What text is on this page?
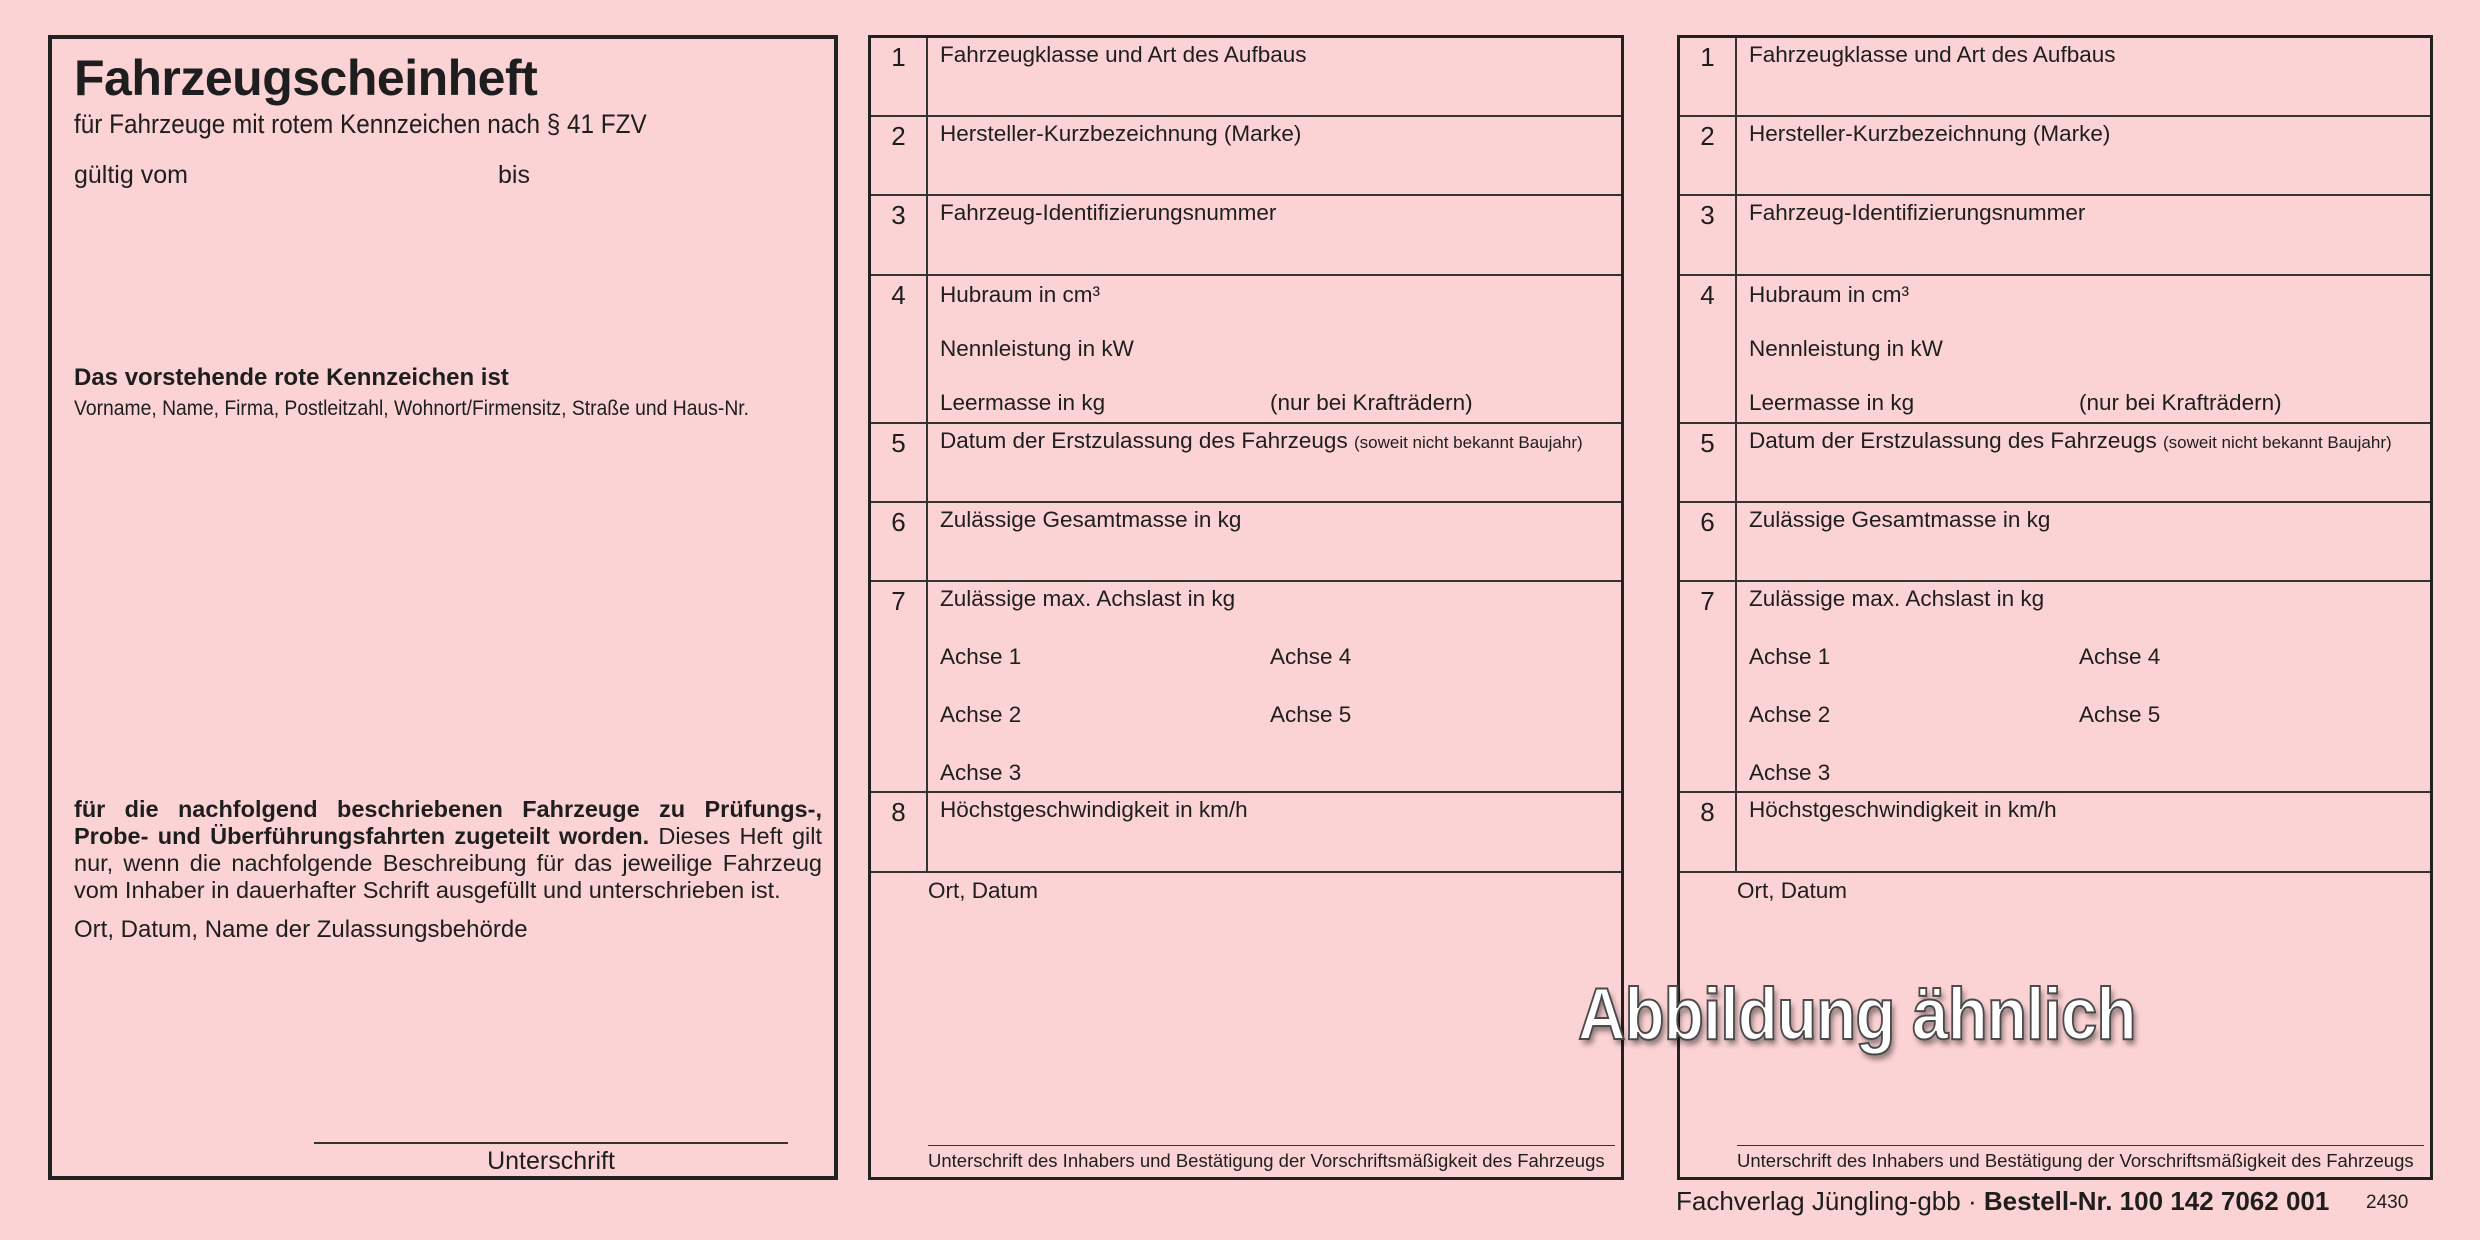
Fahrzeugscheinheft
für Fahrzeuge mit rotem Kennzeichen nach § 41 FZV
gültig vom	bis
Das vorstehende rote Kennzeichen ist
Vorname, Name, Firma, Postleitzahl, Wohnort/Firmensitz, Straße und Haus-Nr.
für die nachfolgend beschriebenen Fahrzeuge zu Prüfungs-, Probe- und Überführungsfahrten zugeteilt worden. Dieses Heft gilt nur, wenn die nachfolgende Beschreibung für das jeweilige Fahrzeug vom Inhaber in dauerhafter Schrift ausgefüllt und unterschrieben ist.
Ort, Datum, Name der Zulassungsbehörde
Unterschrift
1	Fahrzeugklasse und Art des Aufbaus
2	Hersteller-Kurzbezeichnung (Marke)
3	Fahrzeug-Identifizierungsnummer
4	Hubraum in cm³
Nennleistung in kW
Leermasse in kg	(nur bei Krafträdern)
5	Datum der Erstzulassung des Fahrzeugs (soweit nicht bekannt Baujahr)
6	Zulässige Gesamtmasse in kg
7	Zulässige max. Achslast in kg
Achse 1	Achse 4
Achse 2	Achse 5
Achse 3
8	Höchstgeschwindigkeit in km/h
Ort, Datum
Unterschrift des Inhabers und Bestätigung der Vorschriftsmäßigkeit des Fahrzeugs
1	Fahrzeugklasse und Art des Aufbaus
2	Hersteller-Kurzbezeichnung (Marke)
3	Fahrzeug-Identifizierungsnummer
4	Hubraum in cm³
Nennleistung in kW
Leermasse in kg	(nur bei Krafträdern)
5	Datum der Erstzulassung des Fahrzeugs (soweit nicht bekannt Baujahr)
6	Zulässige Gesamtmasse in kg
7	Zulässige max. Achslast in kg
Achse 1	Achse 4
Achse 2	Achse 5
Achse 3
8	Höchstgeschwindigkeit in km/h
Ort, Datum
Unterschrift des Inhabers und Bestätigung der Vorschriftsmäßigkeit des Fahrzeugs
Abbildung ähnlich
Fachverlag Jüngling-gbb · Bestell-Nr. 100 142 7062 001 2430
